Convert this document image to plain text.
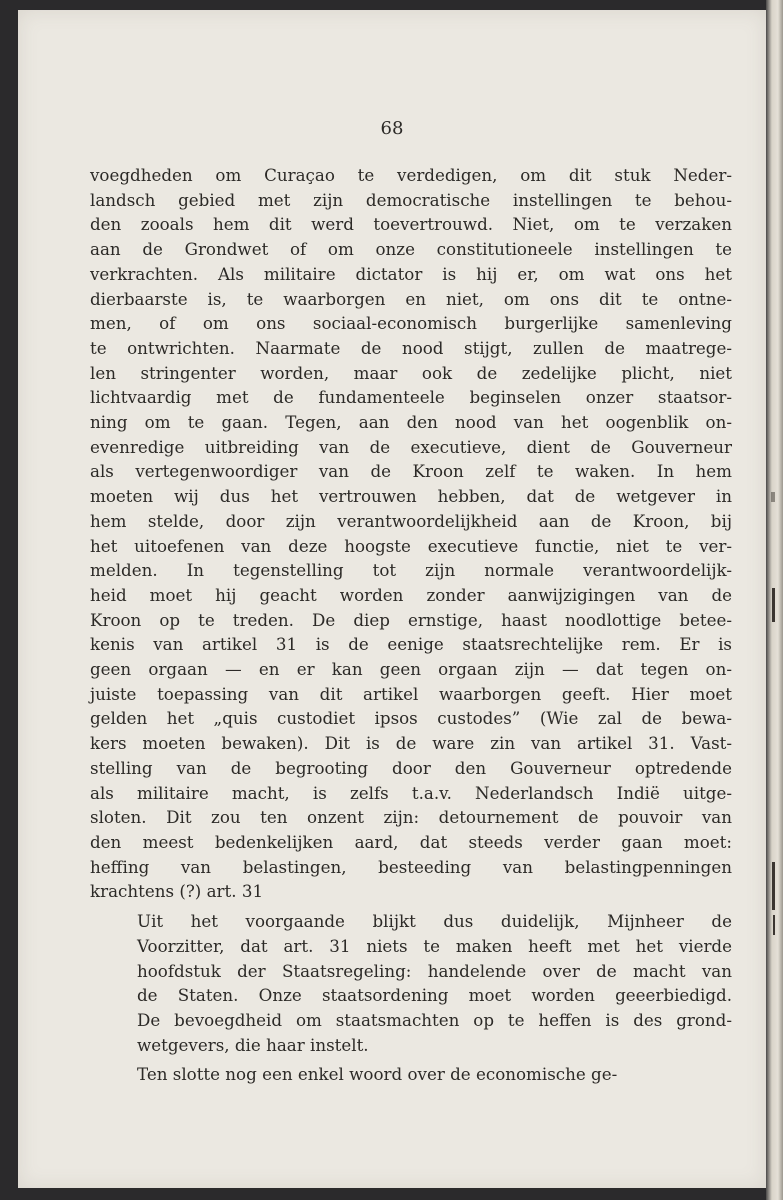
68

voegdheden om Curaçao te verdedigen, om dit stuk Neder-
landsch gebied met zijn democratische instellingen te behou-
den zooals hem dit werd toevertrouwd. Niet, om te verzaken
aan de Grondwet of om onze constitutioneele instellingen te
verkrachten. Als militaire dictator is hij er, om wat ons het
dierbaarste is, te waarborgen en niet, om ons dit te ontne-
men, of om ons sociaal-economisch burgerlijke samenleving
te ontwrichten. Naarmate de nood stijgt, zullen de maatrege-
len stringenter worden, maar ook de zedelijke plicht, niet
lichtvaardig met de fundamenteele beginselen onzer staatsor-
ning om te gaan. Tegen, aan den nood van het oogenblik on-
evenredige uitbreiding van de executieve, dient de Gouverneur
als vertegenwoordiger van de Kroon zelf te waken. In hem
moeten wij dus het vertrouwen hebben, dat de wetgever in
hem stelde, door zijn verantwoordelijkheid aan de Kroon, bij
het uitoefenen van deze hoogste executieve functie, niet te ver-
melden. In tegenstelling tot zijn normale verantwoordelijk-
heid moet hij geacht worden zonder aanwijzigingen van de
Kroon op te treden. De diep ernstige, haast noodlottige betee-
kenis van artikel 31 is de eenige staatsrechtelijke rem. Er is
geen orgaan — en er kan geen orgaan zijn — dat tegen on-
juiste toepassing van dit artikel waarborgen geeft. Hier moet
gelden het „quis custodiet ipsos custodes” (Wie zal de bewa-
kers moeten bewaken). Dit is de ware zin van artikel 31. Vast-
stelling van de begrooting door den Gouverneur optredende
als militaire macht, is zelfs t.a.v. Nederlandsch Indië uitge-
sloten. Dit zou ten onzent zijn: detournement de pouvoir van
den meest bedenkelijken aard, dat steeds verder gaan moet:
heffing van belastingen, besteeding van belastingpenningen
krachtens (?) art. 31

Uit het voorgaande blijkt dus duidelijk, Mijnheer de
Voorzitter, dat art. 31 niets te maken heeft met het vierde
hoofdstuk der Staatsregeling: handelende over de macht van
de Staten. Onze staatsordening moet worden geeerbiedigd.
De bevoegdheid om staatsmachten op te heffen is des grond-
wetgevers, die haar instelt.

Ten slotte nog een enkel woord over de economische ge-
